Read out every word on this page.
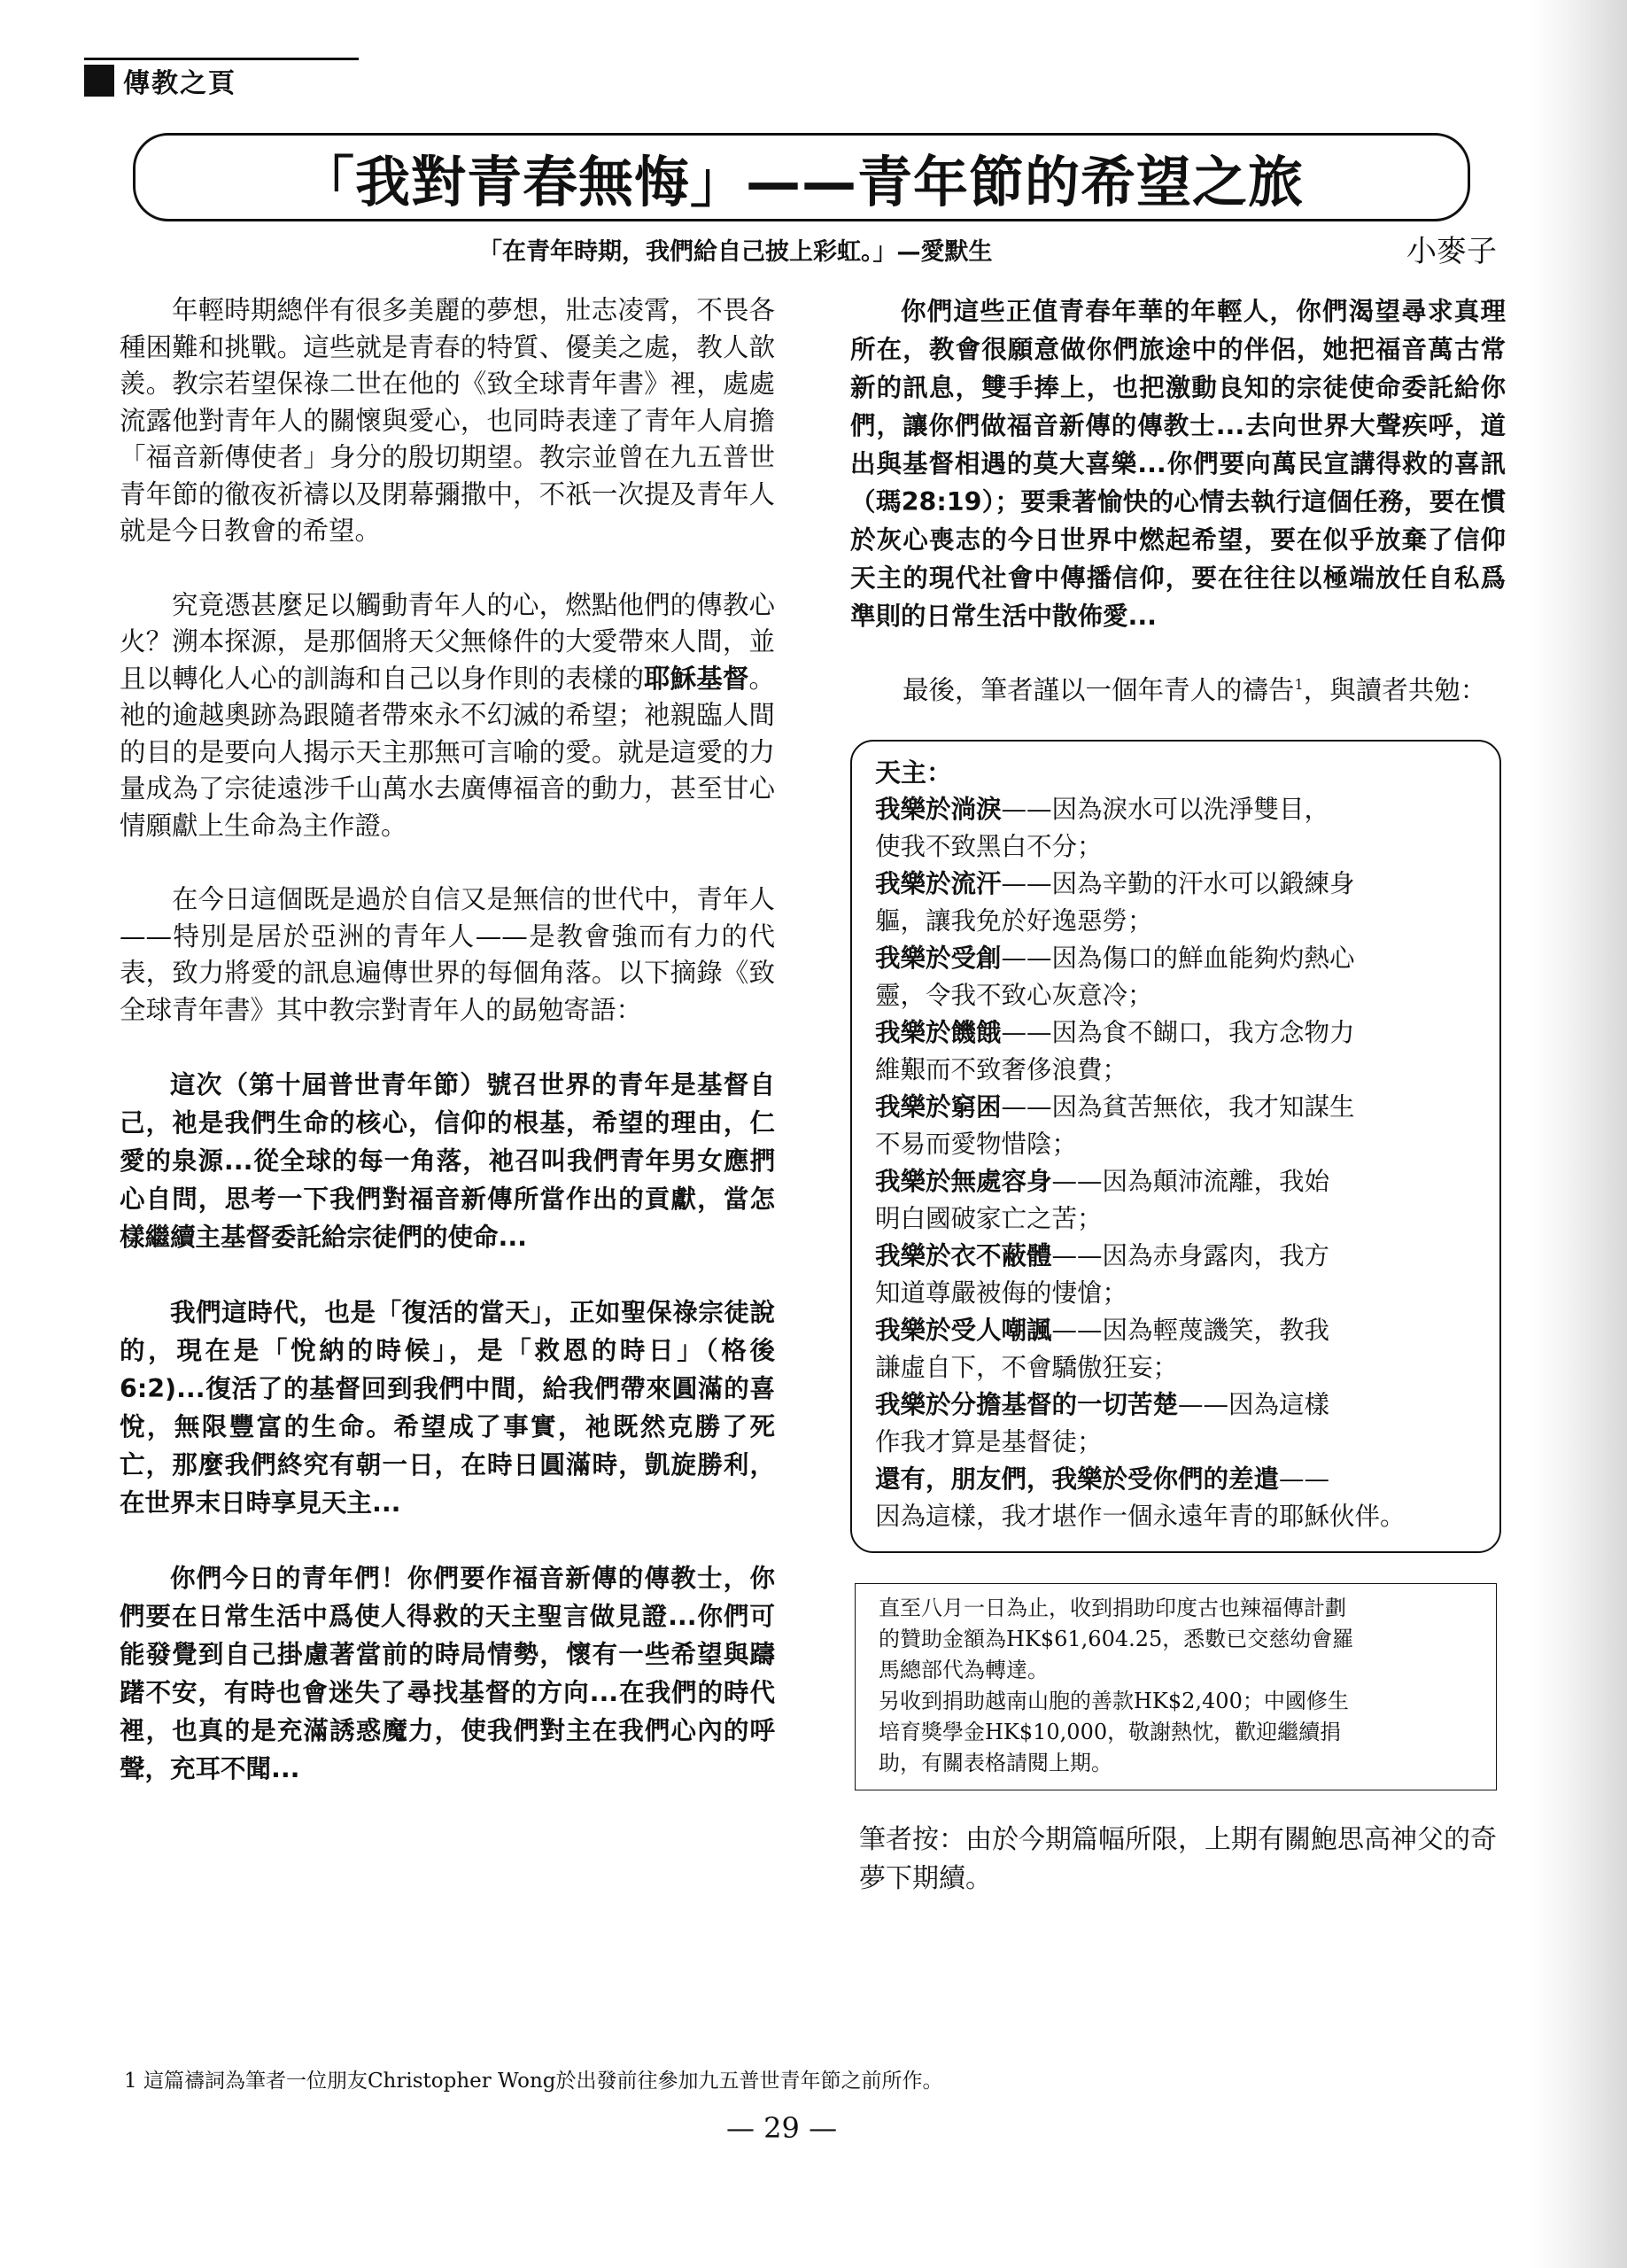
傳教之頁
「我對青春無悔」——青年節的希望之旅
「在青年時期，我們給自己披上彩虹。」—愛默生	小麥子

年輕時期總伴有很多美麗的夢想，壯志凌霄，不畏各種困難和挑戰。這些就是青春的特質、優美之處，教人歆羨。教宗若望保祿二世在他的《致全球青年書》裡，處處流露他對青年人的關懷與愛心，也同時表達了青年人肩擔「福音新傳使者」身分的殷切期望。教宗並曾在九五普世青年節的徹夜祈禱以及閉幕彌撒中，不祇一次提及青年人就是今日教會的希望。

究竟憑甚麼足以觸動青年人的心，燃點他們的傳教心火？溯本探源，是那個將天父無條件的大愛帶來人間，並且以轉化人心的訓誨和自己以身作則的表樣的耶穌基督。祂的逾越奧跡為跟隨者帶來永不幻滅的希望；祂親臨人間的目的是要向人揭示天主那無可言喻的愛。就是這愛的力量成為了宗徒遠涉千山萬水去廣傳福音的動力，甚至甘心情願獻上生命為主作證。

在今日這個既是過於自信又是無信的世代中，青年人——特別是居於亞洲的青年人——是教會強而有力的代表，致力將愛的訊息遍傳世界的每個角落。以下摘錄《致全球青年書》其中教宗對青年人的勗勉寄語：

這次（第十屆普世青年節）號召世界的青年是基督自己，祂是我們生命的核心，信仰的根基，希望的理由，仁愛的泉源...從全球的每一角落，祂召叫我們青年男女應捫心自問，思考一下我們對福音新傳所當作出的貢獻，當怎樣繼續主基督委託給宗徒們的使命...

我們這時代，也是「復活的當天」，正如聖保祿宗徒說的，現在是「悅納的時候」，是「救恩的時日」（格後6:2)...復活了的基督回到我們中間，給我們帶來圓滿的喜悅，無限豐富的生命。希望成了事實，祂既然克勝了死亡，那麼我們終究有朝一日，在時日圓滿時，凱旋勝利，在世界末日時享見天主...

你們今日的青年們！你們要作福音新傳的傳教士，你們要在日常生活中爲使人得救的天主聖言做見證...你們可能發覺到自己掛慮著當前的時局情勢，懷有一些希望與躊躇不安，有時也會迷失了尋找基督的方向...在我們的時代裡，也真的是充滿誘惑魔力，使我們對主在我們心內的呼聲，充耳不聞...

你們這些正值青春年華的年輕人，你們渴望尋求真理所在，教會很願意做你們旅途中的伴侶，她把福音萬古常新的訊息，雙手捧上，也把激動良知的宗徒使命委託給你們，讓你們做福音新傳的傳教士...去向世界大聲疾呼，道出與基督相遇的莫大喜樂...你們要向萬民宣講得救的喜訊（瑪28:19）；要秉著愉快的心情去執行這個任務，要在慣於灰心喪志的今日世界中燃起希望，要在似乎放棄了信仰天主的現代社會中傳播信仰，要在往往以極端放任自私爲準則的日常生活中散佈愛...

最後，筆者謹以一個年青人的禱告$^1$，與讀者共勉：

天主：
我樂於淌淚——因為淚水可以洗淨雙目，
使我不致黑白不分；
我樂於流汗——因為辛勤的汗水可以鍛練身
軀，讓我免於好逸惡勞；
我樂於受創——因為傷口的鮮血能夠灼熱心
靈，令我不致心灰意冷；
我樂於饑餓——因為食不餬口，我方念物力
維艱而不致奢侈浪費；
我樂於窮困——因為貧苦無依，我才知謀生
不易而愛物惜陰；
我樂於無處容身——因為顛沛流離，我始
明白國破家亡之苦；
我樂於衣不蔽體——因為赤身露肉，我方
知道尊嚴被侮的悽愴；
我樂於受人嘲諷——因為輕蔑譏笑，教我
謙虛自下，不會驕傲狂妄；
我樂於分擔基督的一切苦楚——因為這樣
作我才算是基督徒；
還有，朋友們，我樂於受你們的差遣——
因為這樣，我才堪作一個永遠年青的耶穌伙伴。
直至八月一日為止，收到捐助印度古也辣福傳計劃
的贊助金額為HK$61,604.25，悉數已交慈幼會羅
馬總部代為轉達。
另收到捐助越南山胞的善款HK$2,400；中國修生
培育獎學金HK$10,000，敬謝熱忱，歡迎繼續捐
助，有關表格請閱上期。

筆者按：由於今期篇幅所限，上期有關鮑思高神父的奇夢下期續。

1 這篇禱詞為筆者一位朋友Christopher Wong於出發前往參加九五普世青年節之前所作。
— 29 —
